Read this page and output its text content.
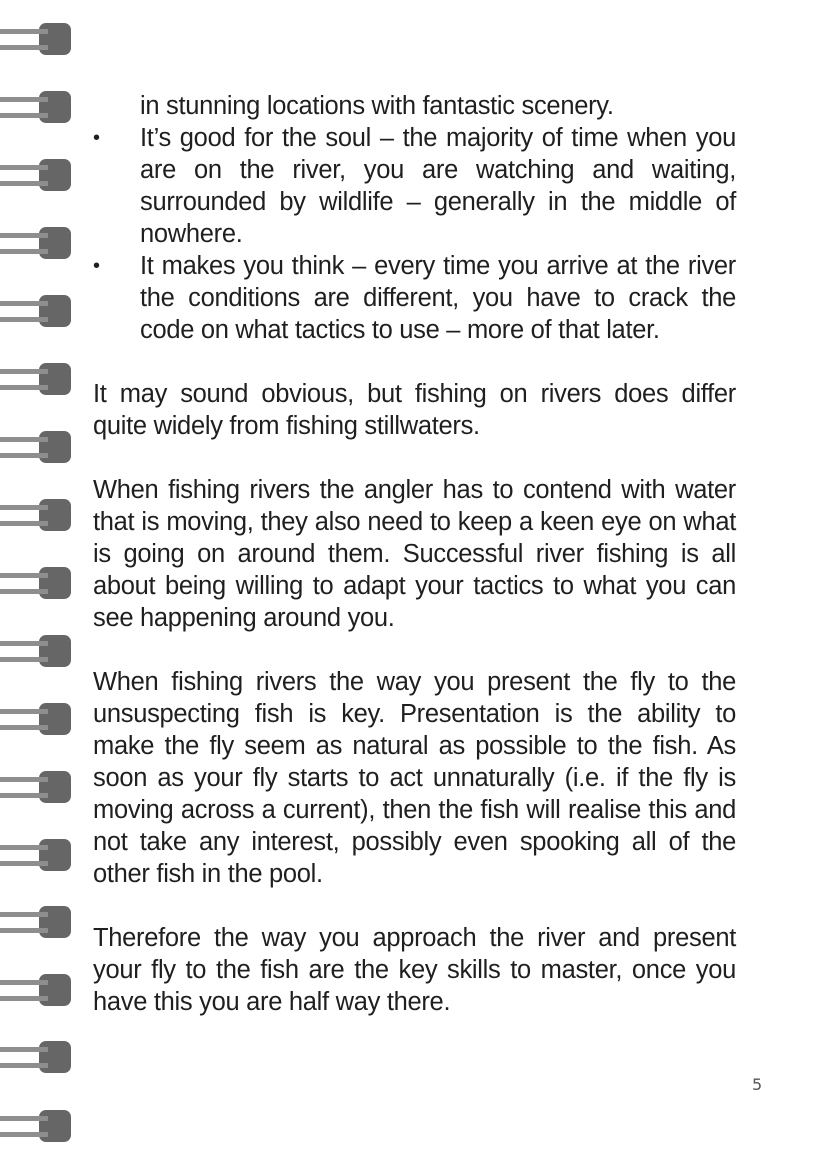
in stunning locations with fantastic scenery.
• It’s good for the soul – the majority of time when you are on the river, you are watching and waiting, surrounded by wildlife – generally in the middle of nowhere.
• It makes you think – every time you arrive at the river the conditions are different, you have to crack the code on what tactics to use – more of that later.

It may sound obvious, but fishing on rivers does differ quite widely from fishing stillwaters.

When fishing rivers the angler has to contend with water that is moving, they also need to keep a keen eye on what is going on around them. Successful river fishing is all about being willing to adapt your tactics to what you can see happening around you.

When fishing rivers the way you present the fly to the unsuspecting fish is key. Presentation is the ability to make the fly seem as natural as possible to the fish. As soon as your fly starts to act unnaturally (i.e. if the fly is moving across a current), then the fish will realise this and not take any interest, possibly even spooking all of the other fish in the pool.

Therefore the way you approach the river and present your fly to the fish are the key skills to master, once you have this you are half way there.

5
